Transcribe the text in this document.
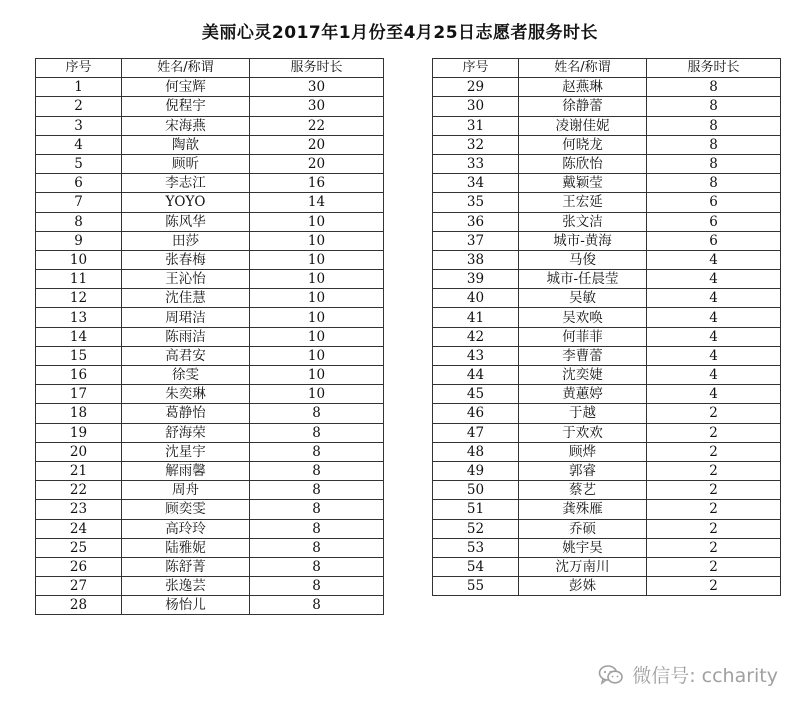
美丽心灵2017年1月份至4月25日志愿者服务时长
序号	姓名/称谓	服务时长
1	何宝辉	30
2	倪程宇	30
3	宋海燕	22
4	陶歆	20
5	顾昕	20
6	李志江	16
7	YOYO	14
8	陈风华	10
9	田莎	10
10	张春梅	10
11	王沁怡	10
12	沈佳慧	10
13	周珺洁	10
14	陈雨洁	10
15	高君安	10
16	徐雯	10
17	朱奕琳	10
18	葛静怡	8
19	舒海荣	8
20	沈星宇	8
21	解雨馨	8
22	周舟	8
23	顾奕雯	8
24	高玲玲	8
25	陆雅妮	8
26	陈舒菁	8
27	张逸芸	8
28	杨怡儿	8
序号	姓名/称谓	服务时长
29	赵燕琳	8
30	徐静蕾	8
31	凌谢佳妮	8
32	何晓龙	8
33	陈欣怡	8
34	戴颖莹	8
35	王宏延	6
36	张文洁	6
37	城市-黄海	6
38	马俊	4
39	城市-任晨莹	4
40	吴敏	4
41	吴欢唤	4
42	何菲菲	4
43	李曹蕾	4
44	沈奕婕	4
45	黄蕙婷	4
46	于越	2
47	于欢欢	2
48	顾烨	2
49	郭睿	2
50	蔡艺	2
51	龚殊雁	2
52	乔硕	2
53	姚宇昊	2
54	沈万南川	2
55	彭姝	2
微信号: ccharity
